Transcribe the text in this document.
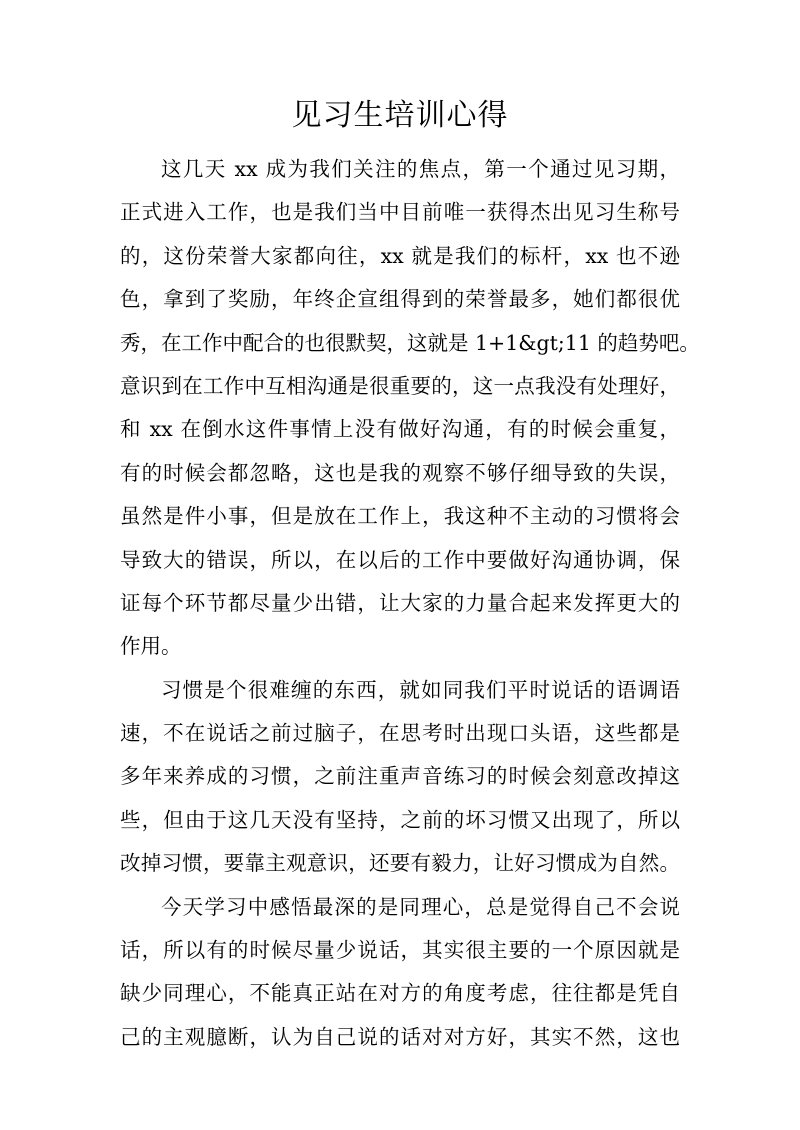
见习生培训心得
这几天 xx 成为我们关注的焦点，第一个通过见习期，
正式进入工作，也是我们当中目前唯一获得杰出见习生称号
的，这份荣誉大家都向往，xx 就是我们的标杆，xx 也不逊
色，拿到了奖励，年终企宣组得到的荣誉最多，她们都很优
秀，在工作中配合的也很默契，这就是 1+1&gt;11 的趋势吧。
意识到在工作中互相沟通是很重要的，这一点我没有处理好，
和 xx 在倒水这件事情上没有做好沟通，有的时候会重复，
有的时候会都忽略，这也是我的观察不够仔细导致的失误，
虽然是件小事，但是放在工作上，我这种不主动的习惯将会
导致大的错误，所以，在以后的工作中要做好沟通协调，保
证每个环节都尽量少出错，让大家的力量合起来发挥更大的
作用。
习惯是个很难缠的东西，就如同我们平时说话的语调语
速，不在说话之前过脑子，在思考时出现口头语，这些都是
多年来养成的习惯，之前注重声音练习的时候会刻意改掉这
些，但由于这几天没有坚持，之前的坏习惯又出现了，所以
改掉习惯，要靠主观意识，还要有毅力，让好习惯成为自然。
今天学习中感悟最深的是同理心，总是觉得自己不会说
话，所以有的时候尽量少说话，其实很主要的一个原因就是
缺少同理心，不能真正站在对方的角度考虑，往往都是凭自
己的主观臆断，认为自己说的话对对方好，其实不然，这也
